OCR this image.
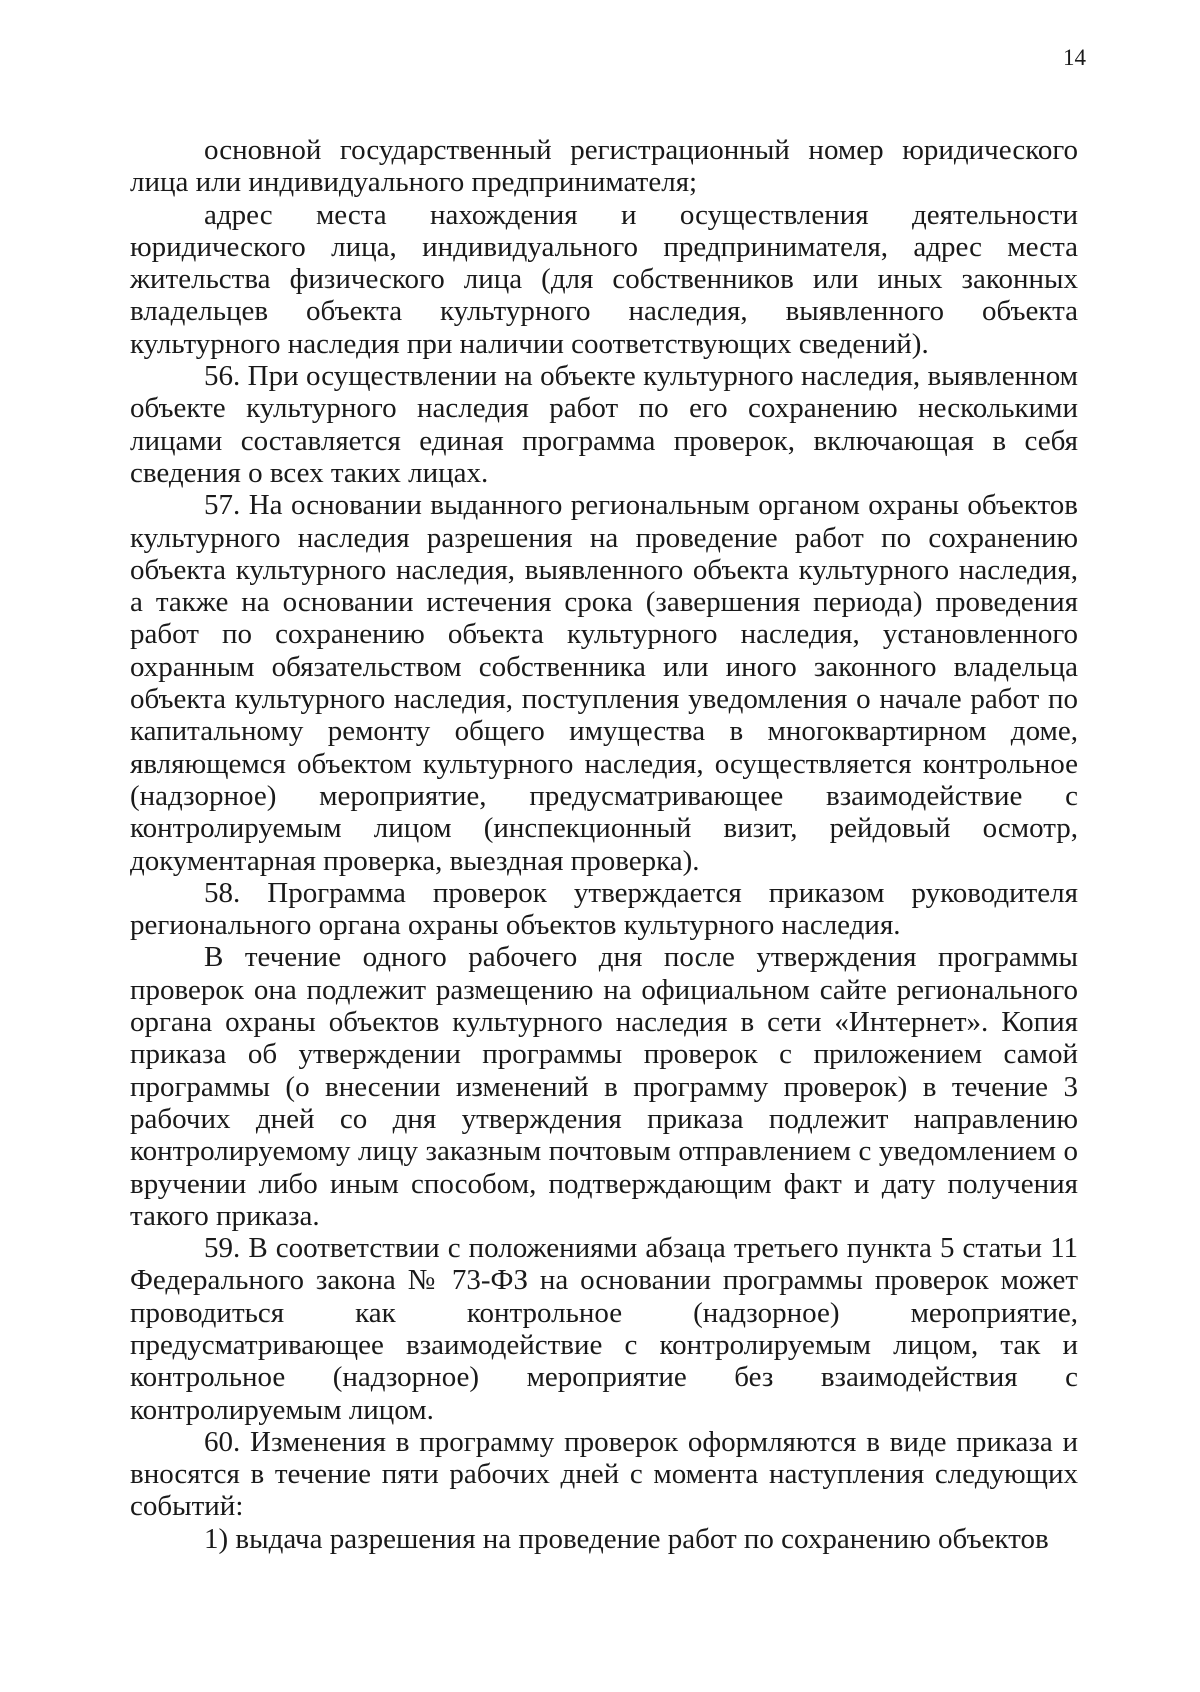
14

основной государственный регистрационный номер юридического лица или индивидуального предпринимателя;

адрес места нахождения и осуществления деятельности юридического лица, индивидуального предпринимателя, адрес места жительства физического лица (для собственников или иных законных владельцев объекта культурного наследия, выявленного объекта культурного наследия при наличии соответствующих сведений).

56. При осуществлении на объекте культурного наследия, выявленном объекте культурного наследия работ по его сохранению несколькими лицами составляется единая программа проверок, включающая в себя сведения о всех таких лицах.

57. На основании выданного региональным органом охраны объектов культурного наследия разрешения на проведение работ по сохранению объекта культурного наследия, выявленного объекта культурного наследия, а также на основании истечения срока (завершения периода) проведения работ по сохранению объекта культурного наследия, установленного охранным обязательством собственника или иного законного владельца объекта культурного наследия, поступления уведомления о начале работ по капитальному ремонту общего имущества в многоквартирном доме, являющемся объектом культурного наследия, осуществляется контрольное (надзорное) мероприятие, предусматривающее взаимодействие с контролируемым лицом (инспекционный визит, рейдовый осмотр, документарная проверка, выездная проверка).

58. Программа проверок утверждается приказом руководителя регионального органа охраны объектов культурного наследия.

В течение одного рабочего дня после утверждения программы проверок она подлежит размещению на официальном сайте регионального органа охраны объектов культурного наследия в сети «Интернет». Копия приказа об утверждении программы проверок с приложением самой программы (о внесении изменений в программу проверок) в течение 3 рабочих дней со дня утверждения приказа подлежит направлению контролируемому лицу заказным почтовым отправлением с уведомлением о вручении либо иным способом, подтверждающим факт и дату получения такого приказа.

59. В соответствии с положениями абзаца третьего пункта 5 статьи 11 Федерального закона № 73-ФЗ на основании программы проверок может проводиться как контрольное (надзорное) мероприятие, предусматривающее взаимодействие с контролируемым лицом, так и контрольное (надзорное) мероприятие без взаимодействия с контролируемым лицом.

60. Изменения в программу проверок оформляются в виде приказа и вносятся в течение пяти рабочих дней с момента наступления следующих событий:

1) выдача разрешения на проведение работ по сохранению объектов
